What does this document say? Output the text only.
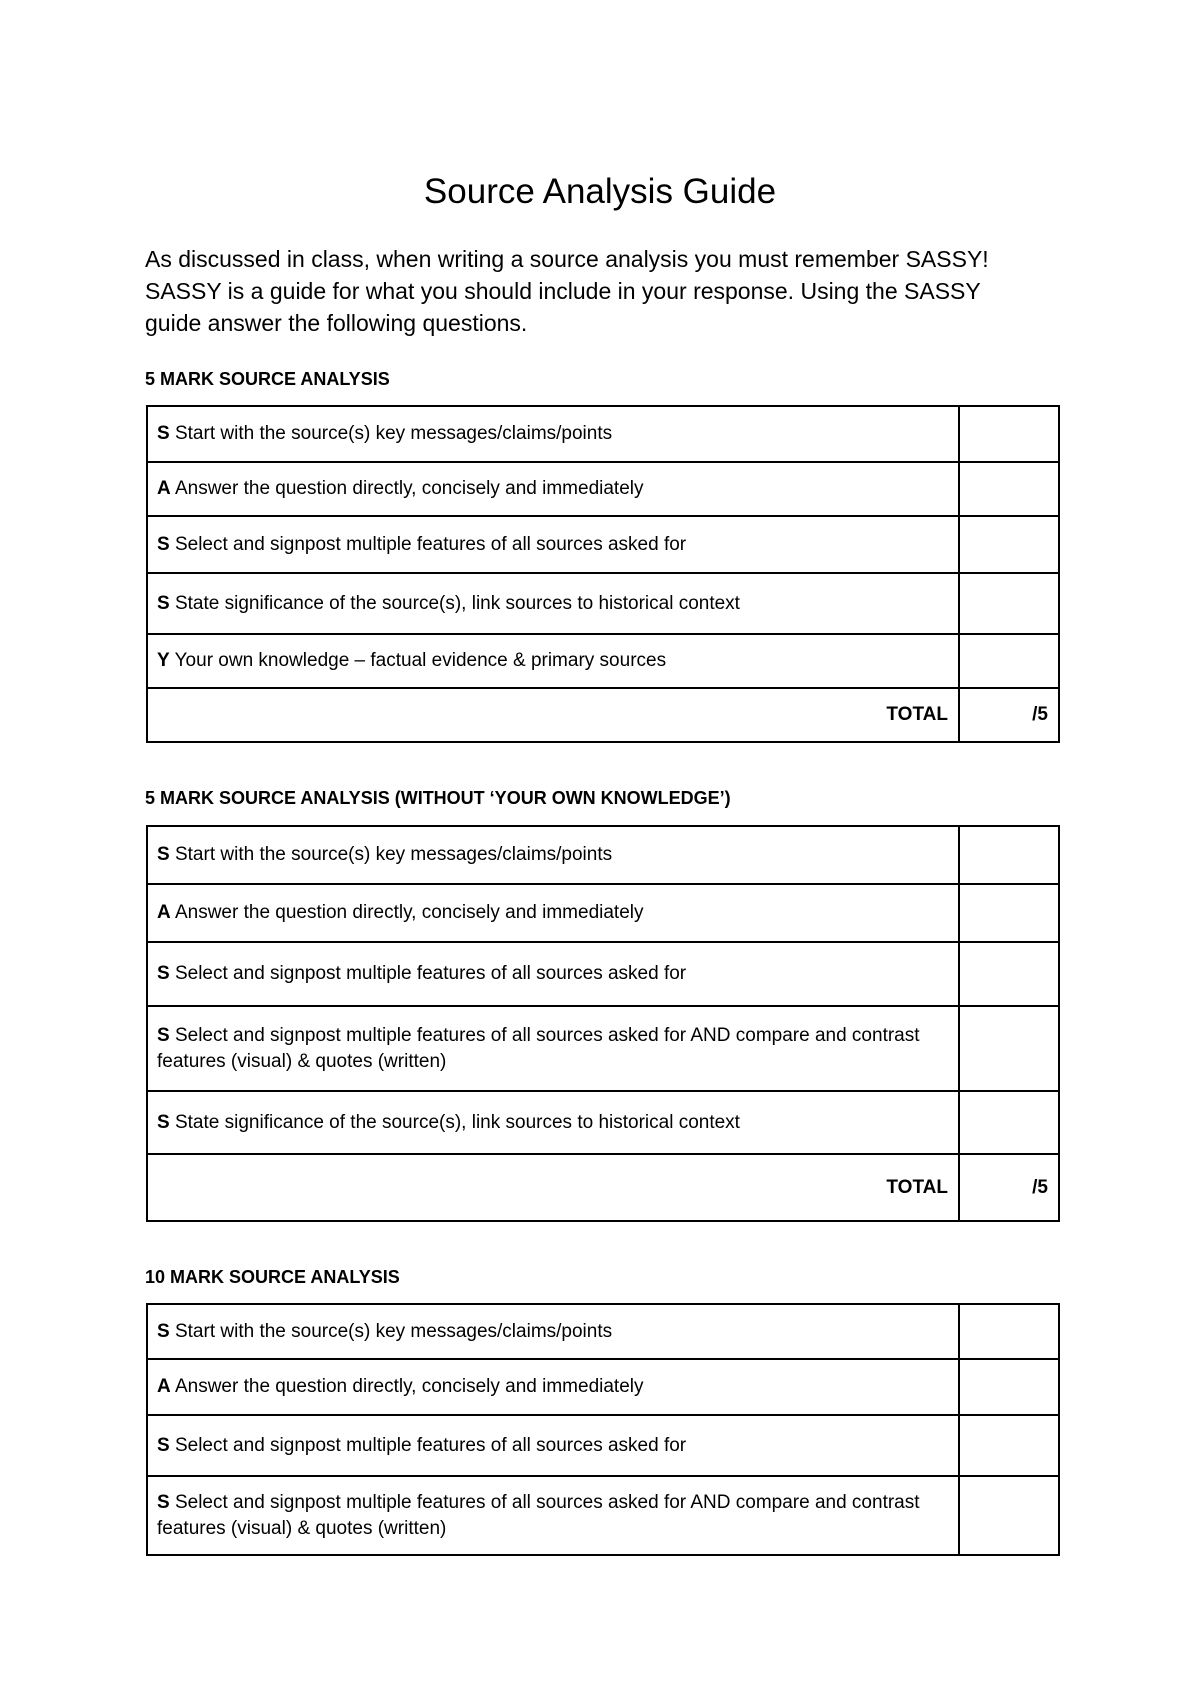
Source Analysis Guide
As discussed in class, when writing a source analysis you must remember SASSY!
SASSY is a guide for what you should include in your response. Using the SASSY
guide answer the following questions.
5 MARK SOURCE ANALYSIS
S Start with the source(s) key messages/claims/points	
A Answer the question directly, concisely and immediately	
S Select and signpost multiple features of all sources asked for	
S State significance of the source(s), link sources to historical context	
Y Your own knowledge – factual evidence & primary sources	
TOTAL	/5
5 MARK SOURCE ANALYSIS (WITHOUT ‘YOUR OWN KNOWLEDGE’)
S Start with the source(s) key messages/claims/points	
A Answer the question directly, concisely and immediately	
S Select and signpost multiple features of all sources asked for	
S Select and signpost multiple features of all sources asked for AND compare and contrast features (visual) & quotes (written)	
S State significance of the source(s), link sources to historical context	
TOTAL	/5
10 MARK SOURCE ANALYSIS
S Start with the source(s) key messages/claims/points	
A Answer the question directly, concisely and immediately	
S Select and signpost multiple features of all sources asked for	
S Select and signpost multiple features of all sources asked for AND compare and contrast features (visual) & quotes (written)	
